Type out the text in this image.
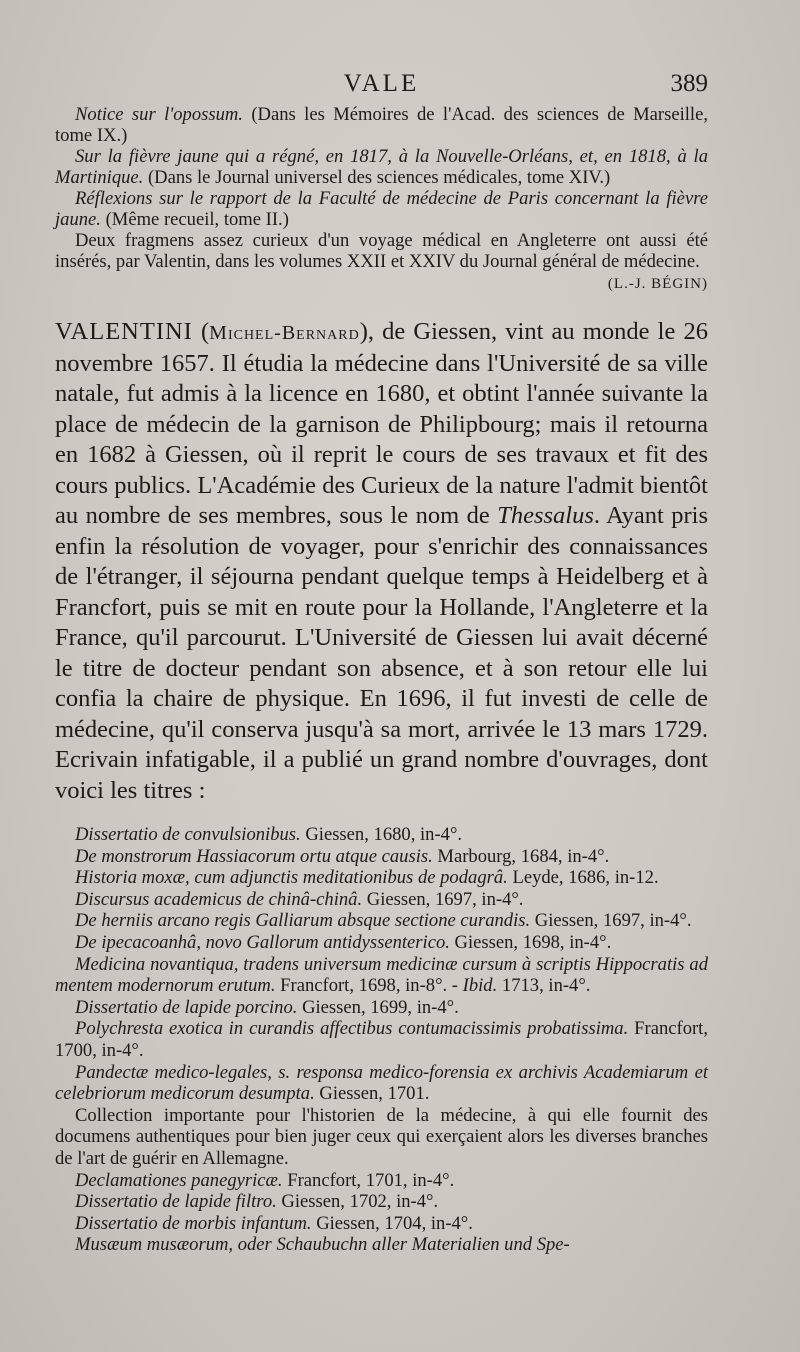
VALE	389

Notice sur l'opossum. (Dans les Mémoires de l'Acad. des sciences de Marseille, tome IX.)

Sur la fièvre jaune qui a régné, en 1817, à la Nouvelle-Orléans, et, en 1818, à la Martinique. (Dans le Journal universel des sciences médicales, tome XIV.)

Réflexions sur le rapport de la Faculté de médecine de Paris concernant la fièvre jaune. (Même recueil, tome II.)

Deux fragmens assez curieux d'un voyage médical en Angleterre ont aussi été insérés, par Valentin, dans les volumes XXII et XXIV du Journal général de médecine.

(L.-J. BÉGIN)

VALENTINI (Michel-Bernard), de Giessen, vint au monde le 26 novembre 1657. Il étudia la médecine dans l'Université de sa ville natale, fut admis à la licence en 1680, et obtint l'année suivante la place de médecin de la garnison de Philipbourg; mais il retourna en 1682 à Giessen, où il reprit le cours de ses travaux et fit des cours publics. L'Académie des Curieux de la nature l'admit bientôt au nombre de ses membres, sous le nom de Thessalus. Ayant pris enfin la résolution de voyager, pour s'enrichir des connaissances de l'étranger, il séjourna pendant quelque temps à Heidelberg et à Francfort, puis se mit en route pour la Hollande, l'Angleterre et la France, qu'il parcourut. L'Université de Giessen lui avait décerné le titre de docteur pendant son absence, et à son retour elle lui confia la chaire de physique. En 1696, il fut investi de celle de médecine, qu'il conserva jusqu'à sa mort, arrivée le 13 mars 1729. Ecrivain infatigable, il a publié un grand nombre d'ouvrages, dont voici les titres :

Dissertatio de convulsionibus. Giessen, 1680, in-4°.

De monstrorum Hassiacorum ortu atque causis. Marbourg, 1684, in-4°.

Historia moxæ, cum adjunctis meditationibus de podagrâ. Leyde, 1686, in-12.

Discursus academicus de chinâ-chinâ. Giessen, 1697, in-4°.

De herniis arcano regis Galliarum absque sectione curandis. Giessen, 1697, in-4°.

De ipecacoanhâ, novo Gallorum antidyssenterico. Giessen, 1698, in-4°.

Medicina novantiqua, tradens universum medicinæ cursum à scriptis Hippocratis ad mentem modernorum erutum. Francfort, 1698, in-8°. - Ibid. 1713, in-4°.

Dissertatio de lapide porcino. Giessen, 1699, in-4°.

Polychresta exotica in curandis affectibus contumacissimis probatissima. Francfort, 1700, in-4°.

Pandectæ medico-legales, s. responsa medico-forensia ex archivis Academiarum et celebriorum medicorum desumpta. Giessen, 1701.

Collection importante pour l'historien de la médecine, à qui elle fournit des documens authentiques pour bien juger ceux qui exerçaient alors les diverses branches de l'art de guérir en Allemagne.

Declamationes panegyricæ. Francfort, 1701, in-4°.

Dissertatio de lapide filtro. Giessen, 1702, in-4°.

Dissertatio de morbis infantum. Giessen, 1704, in-4°.

Musæum musæorum, oder Schaubuchn aller Materialien und Spe-
